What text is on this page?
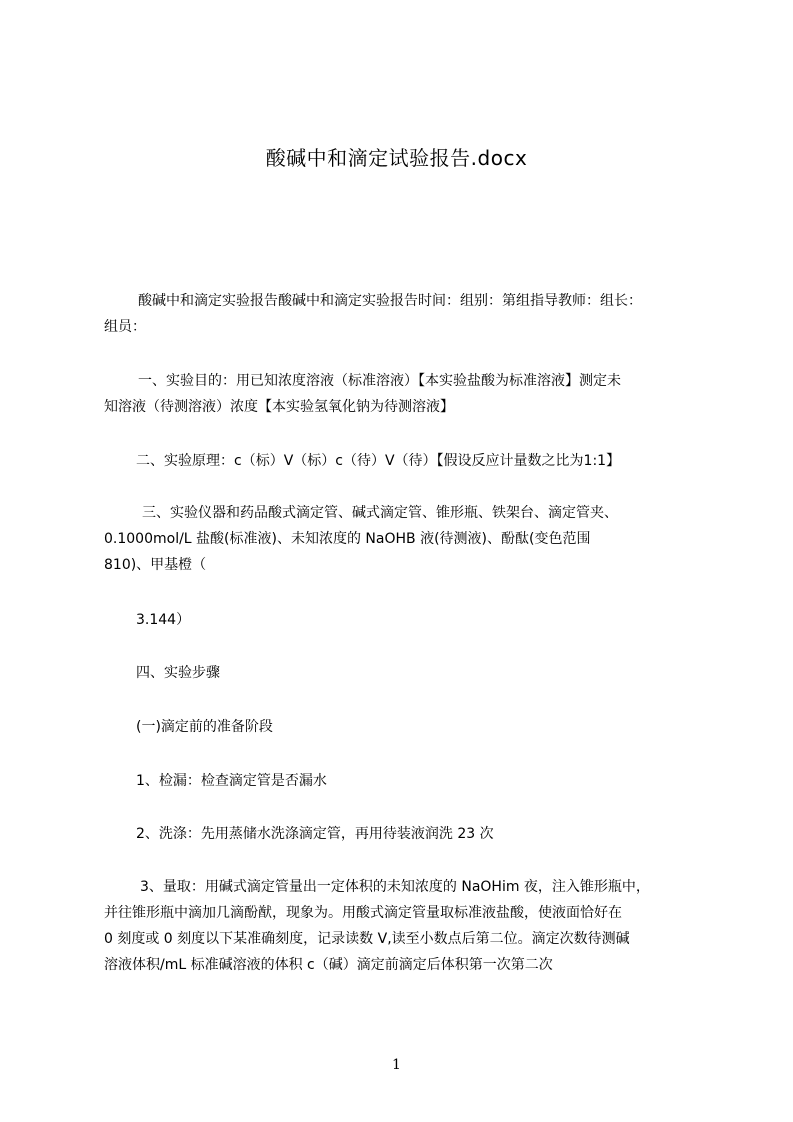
酸碱中和滴定试验报告.docx
酸碱中和滴定实验报告酸碱中和滴定实验报告时间：组别：第组指导教师：组长：
组员：
一、实验目的：用已知浓度溶液（标准溶液）【本实验盐酸为标准溶液】测定未
知溶液（待测溶液）浓度【本实验氢氧化钠为待测溶液】
二、实验原理：c（标）V（标）c（待）V（待）【假设反应计量数之比为1:1】
三、实验仪器和药品酸式滴定管、碱式滴定管、锥形瓶、铁架台、滴定管夹、
0.1000mol/L 盐酸(标准液)、未知浓度的 NaOHB 液(待测液)、酚酞(变色范围
810)、甲基橙（
3.144）
四、实验步骤
(一)滴定前的准备阶段
1、检漏：检查滴定管是否漏水
2、洗涤：先用蒸储水洗涤滴定管，再用待装液润洗 23 次
3、量取：用碱式滴定管量出一定体积的未知浓度的 NaOHim 夜，注入锥形瓶中，
并往锥形瓶中滴加几滴酚猷，现象为。用酸式滴定管量取标准液盐酸，使液面恰好在
0 刻度或 0 刻度以下某准确刻度，记录读数 V,读至小数点后第二位。滴定次数待测碱
溶液体积/mL 标准碱溶液的体积 c（碱）滴定前滴定后体积第一次第二次
1
